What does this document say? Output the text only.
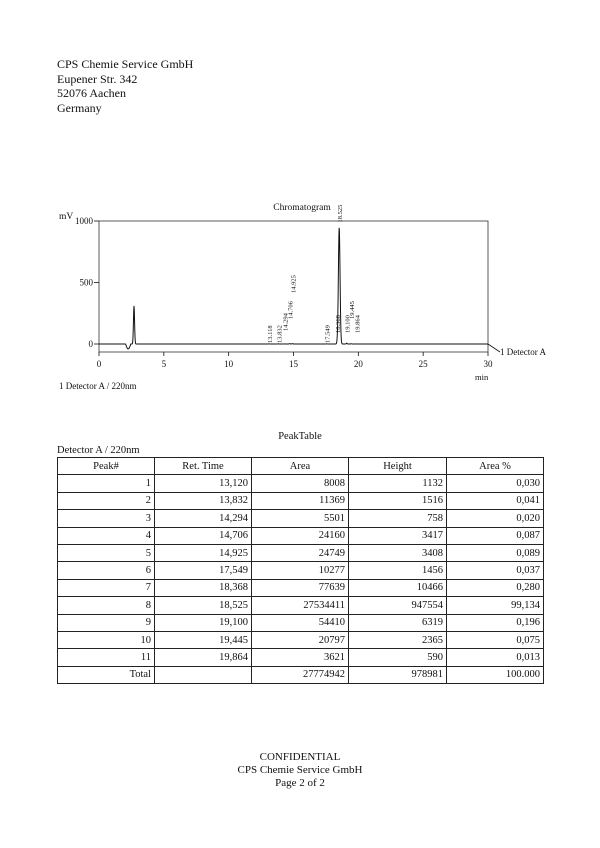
CPS Chemie Service GmbH
Eupener Str. 342
52076 Aachen
Germany
Chromatogram
mV
0
500
1000
0	5	10	15	20	25	30
13.118 13.832
14.294
14.706
14.925
17.549
18.368
18.525
19.100
19.445
19.864
min
1 Detector A
1 Detector A / 220nm
PeakTable
Detector A / 220nm
Peak#	Ret. Time	Area	Height	Area %
1	13,120	8008	1132	0,030
2	13,832	11369	1516	0,041
3	14,294	5501	758	0,020
4	14,706	24160	3417	0,087
5	14,925	24749	3408	0,089
6	17,549	10277	1456	0,037
7	18,368	77639	10466	0,280
8	18,525	27534411	947554	99,134
9	19,100	54410	6319	0,196
10	19,445	20797	2365	0,075
11	19,864	3621	590	0,013
Total		27774942	978981	100.000
CONFIDENTIAL
CPS Chemie Service GmbH
Page 2 of 2
